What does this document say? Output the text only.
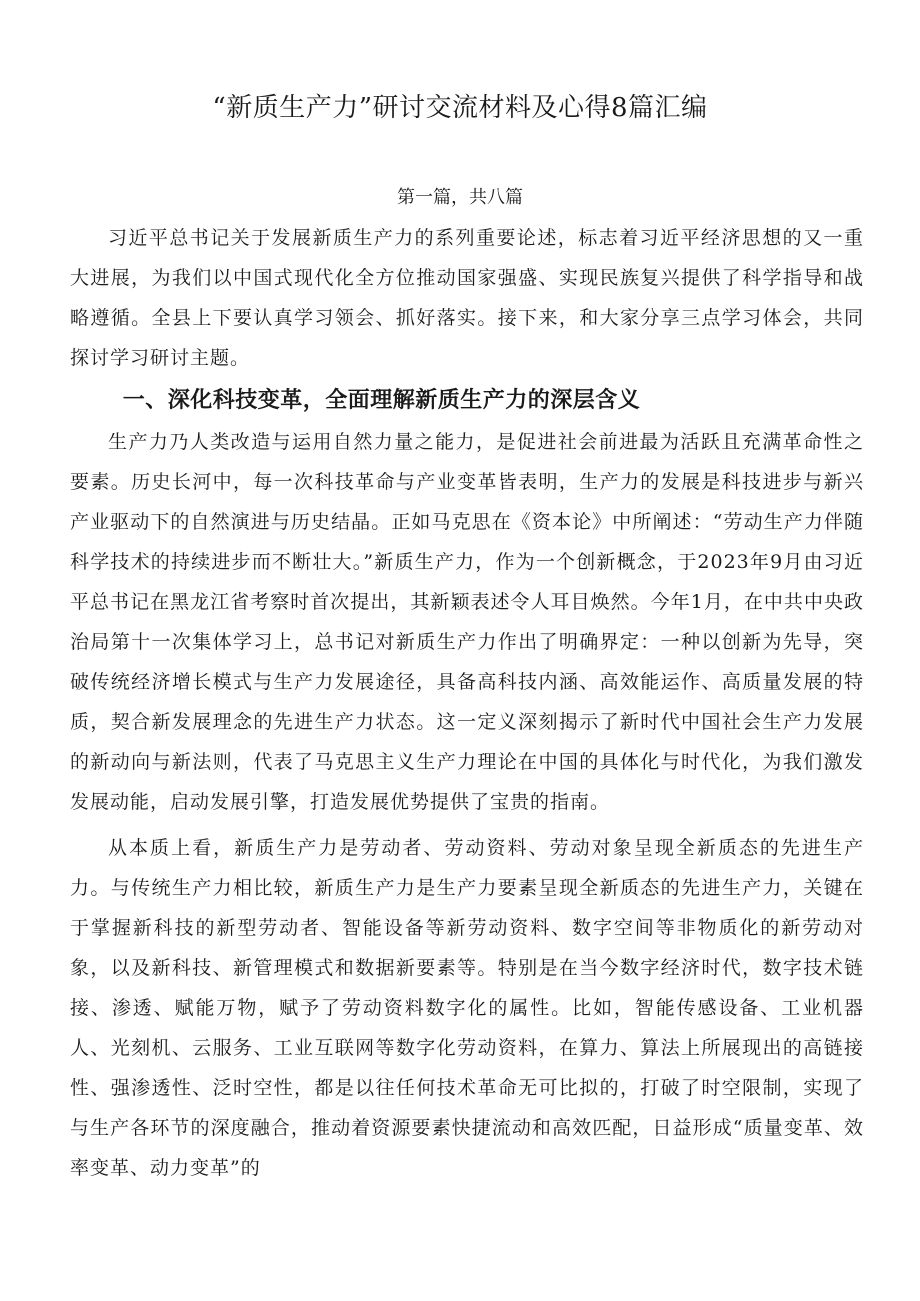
“新质生产力”研讨交流材料及心得8篇汇编

第一篇，共八篇

习近平总书记关于发展新质生产力的系列重要论述，标志着习近平经济思想的又一重大进展，为我们以中国式现代化全方位推动国家强盛、实现民族复兴提供了科学指导和战略遵循。全县上下要认真学习领会、抓好落实。接下来，和大家分享三点学习体会，共同探讨学习研讨主题。

一、深化科技变革，全面理解新质生产力的深层含义

生产力乃人类改造与运用自然力量之能力，是促进社会前进最为活跃且充满革命性之要素。历史长河中，每一次科技革命与产业变革皆表明，生产力的发展是科技进步与新兴产业驱动下的自然演进与历史结晶。正如马克思在《资本论》中所阐述：“劳动生产力伴随科学技术的持续进步而不断壮大。”新质生产力，作为一个创新概念，于2023年9月由习近平总书记在黑龙江省考察时首次提出，其新颖表述令人耳目焕然。今年1月，在中共中央政治局第十一次集体学习上，总书记对新质生产力作出了明确界定：一种以创新为先导，突破传统经济增长模式与生产力发展途径，具备高科技内涵、高效能运作、高质量发展的特质，契合新发展理念的先进生产力状态。这一定义深刻揭示了新时代中国社会生产力发展的新动向与新法则，代表了马克思主义生产力理论在中国的具体化与时代化，为我们激发发展动能，启动发展引擎，打造发展优势提供了宝贵的指南。

从本质上看，新质生产力是劳动者、劳动资料、劳动对象呈现全新质态的先进生产力。与传统生产力相比较，新质生产力是生产力要素呈现全新质态的先进生产力，关键在于掌握新科技的新型劳动者、智能设备等新劳动资料、数字空间等非物质化的新劳动对象，以及新科技、新管理模式和数据新要素等。特别是在当今数字经济时代，数字技术链接、渗透、赋能万物，赋予了劳动资料数字化的属性。比如，智能传感设备、工业机器人、光刻机、云服务、工业互联网等数字化劳动资料，在算力、算法上所展现出的高链接性、强渗透性、泛时空性，都是以往任何技术革命无可比拟的，打破了时空限制，实现了与生产各环节的深度融合，推动着资源要素快捷流动和高效匹配，日益形成“质量变革、效率变革、动力变革”的
